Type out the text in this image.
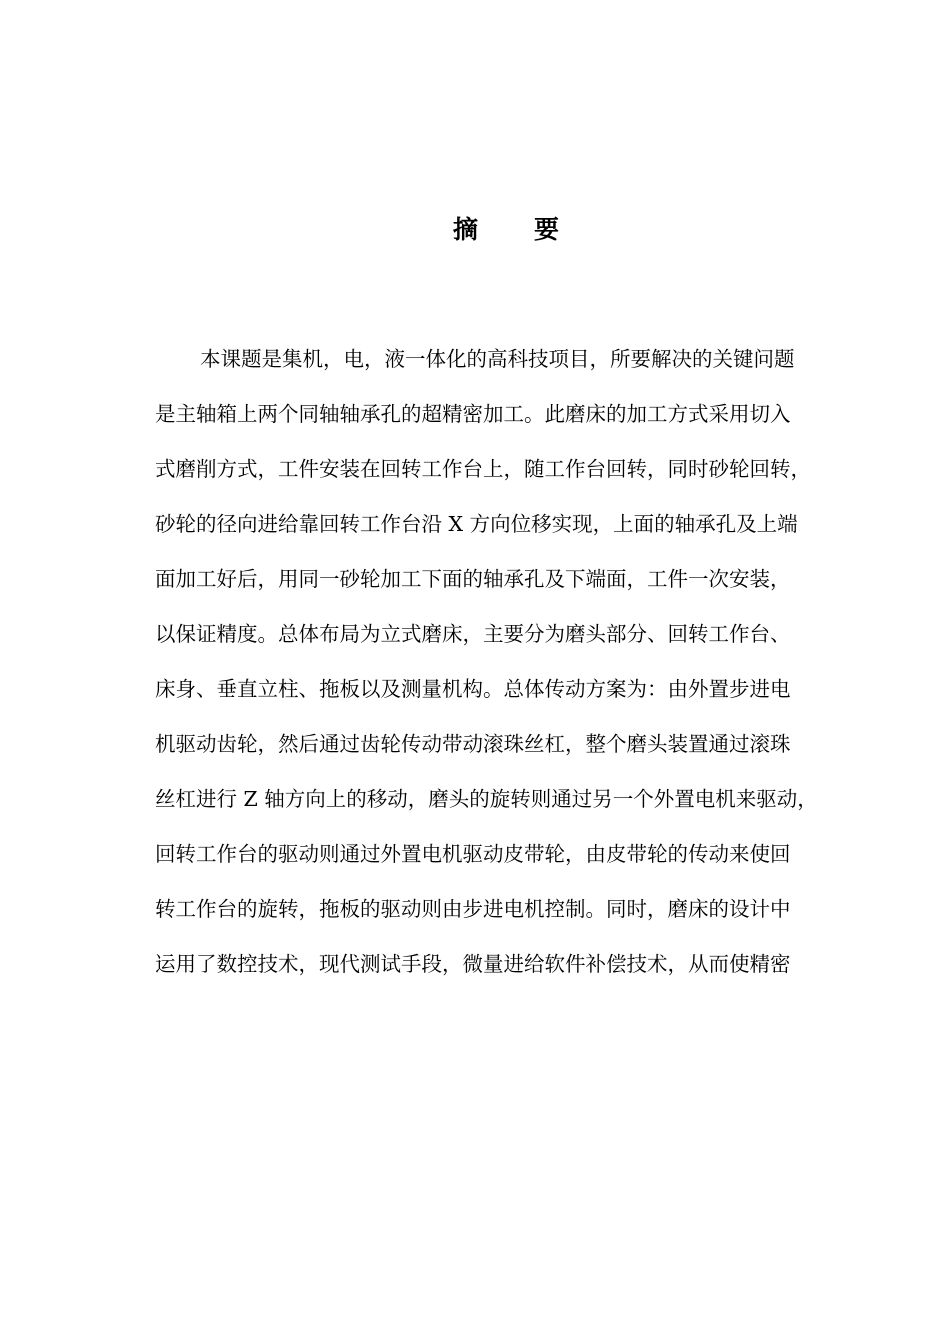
摘 要
本课题是集机，电，液一体化的高科技项目，所要解决的关键问题
是主轴箱上两个同轴轴承孔的超精密加工。此磨床的加工方式采用切入
式磨削方式，工件安装在回转工作台上，随工作台回转，同时砂轮回转，
砂轮的径向进给靠回转工作台沿 X 方向位移实现，上面的轴承孔及上端
面加工好后，用同一砂轮加工下面的轴承孔及下端面，工件一次安装，
以保证精度。总体布局为立式磨床，主要分为磨头部分、回转工作台、
床身、垂直立柱、拖板以及测量机构。总体传动方案为：由外置步进电
机驱动齿轮，然后通过齿轮传动带动滚珠丝杠，整个磨头装置通过滚珠
丝杠进行 Z 轴方向上的移动，磨头的旋转则通过另一个外置电机来驱动，
回转工作台的驱动则通过外置电机驱动皮带轮，由皮带轮的传动来使回
转工作台的旋转，拖板的驱动则由步进电机控制。同时，磨床的设计中
运用了数控技术，现代测试手段，微量进给软件补偿技术，从而使精密
